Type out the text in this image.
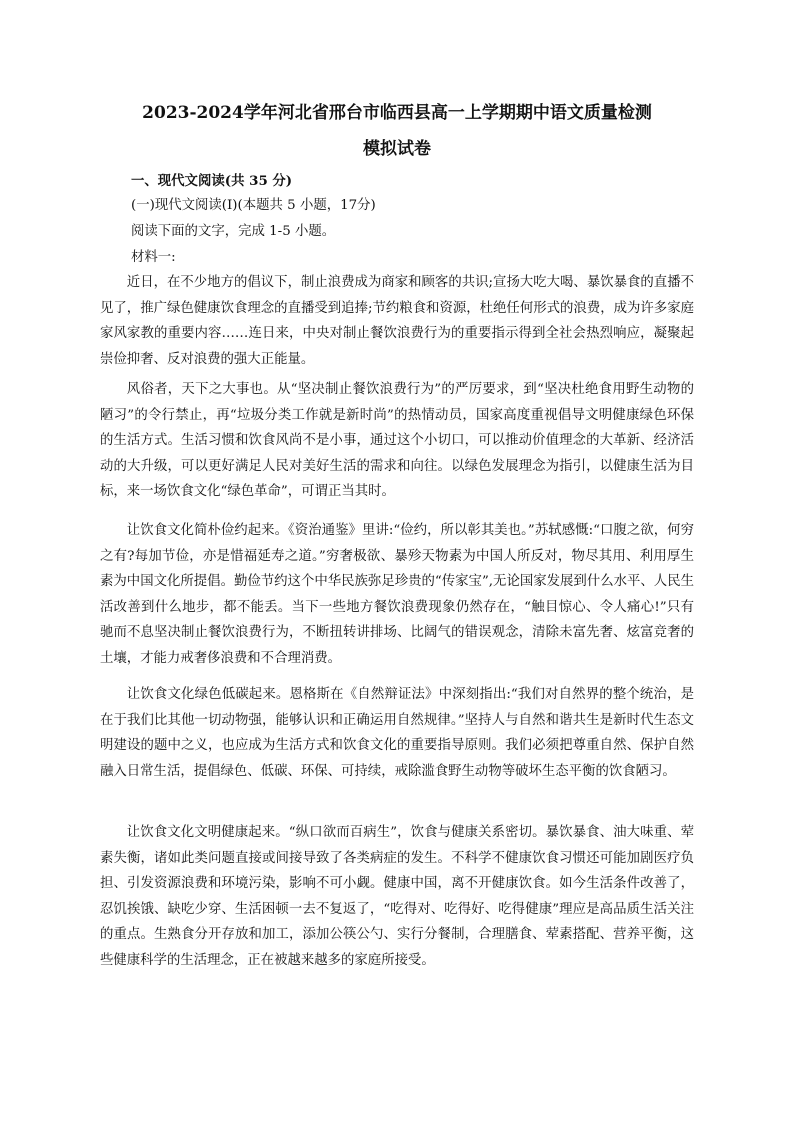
2023-2024学年河北省邢台市临西县高一上学期期中语文质量检测
模拟试卷
一、现代文阅读(共 35 分)
(一)现代文阅读(Ⅰ)(本题共 5 小题，17分)
阅读下面的文字，完成 1-5 小题。
材料一:

近日，在不少地方的倡议下，制止浪费成为商家和顾客的共识;宣扬大吃大喝、暴饮暴食的直播不见了，推广绿色健康饮食理念的直播受到追捧;节约粮食和资源，杜绝任何形式的浪费，成为许多家庭家风家教的重要内容……连日来，中央对制止餐饮浪费行为的重要指示得到全社会热烈响应，凝聚起崇俭抑奢、反对浪费的强大正能量。

风俗者，天下之大事也。从“坚决制止餐饮浪费行为”的严厉要求，到“坚决杜绝食用野生动物的陋习”的令行禁止，再“垃圾分类工作就是新时尚”的热情动员，国家高度重视倡导文明健康绿色环保的生活方式。生活习惯和饮食风尚不是小事，通过这个小切口，可以推动价值理念的大革新、经济活动的大升级，可以更好满足人民对美好生活的需求和向往。以绿色发展理念为指引，以健康生活为目标，来一场饮食文化“绿色革命”，可谓正当其时。

让饮食文化简朴俭约起来。《资治通鉴》里讲:“俭约，所以彰其美也。”苏轼感慨:“口腹之欲，何穷之有?每加节俭，亦是惜福延寿之道。”穷奢极欲、暴殄天物素为中国人所反对，物尽其用、利用厚生素为中国文化所提倡。勤俭节约这个中华民族弥足珍贵的“传家宝”,无论国家发展到什么水平、人民生活改善到什么地步，都不能丢。当下一些地方餐饮浪费现象仍然存在，“触目惊心、令人痛心!”只有驰而不息坚决制止餐饮浪费行为，不断扭转讲排场、比阔气的错误观念，清除未富先奢、炫富竞奢的土壤，才能力戒奢侈浪费和不合理消费。

让饮食文化绿色低碳起来。恩格斯在《自然辩证法》中深刻指出:“我们对自然界的整个统治，是在于我们比其他一切动物强，能够认识和正确运用自然规律。”坚持人与自然和谐共生是新时代生态文明建设的题中之义，也应成为生活方式和饮食文化的重要指导原则。我们必须把尊重自然、保护自然融入日常生活，提倡绿色、低碳、环保、可持续，戒除滥食野生动物等破坏生态平衡的饮食陋习。

让饮食文化文明健康起来。“纵口欲而百病生”，饮食与健康关系密切。暴饮暴食、油大味重、荤素失衡，诸如此类问题直接或间接导致了各类病症的发生。不科学不健康饮食习惯还可能加剧医疗负担、引发资源浪费和环境污染，影响不可小觑。健康中国，离不开健康饮食。如今生活条件改善了，忍饥挨饿、缺吃少穿、生活困顿一去不复返了，“吃得对、吃得好、吃得健康”理应是高品质生活关注的重点。生熟食分开存放和加工，添加公筷公勺、实行分餐制，合理膳食、荤素搭配、营养平衡，这些健康科学的生活理念，正在被越来越多的家庭所接受。
